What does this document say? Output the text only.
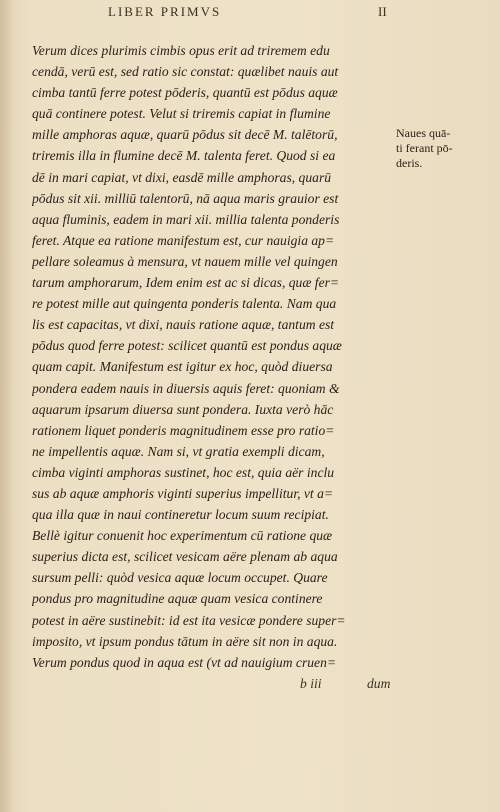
LIBER PRIMVS	II
Verum dices plurimis cimbis opus erit ad triremem edu
cendā, verū est, sed ratio sic constat: quælibet nauis aut
cimba tantū ferre potest pōderis, quantū est pōdus aquæ
quā continere potest. Velut si triremis capiat in flumine
mille amphoras aquæ, quarū pōdus sit decē M. talētorū,
triremis illa in flumine decē M. talenta feret. Quod si ea
dē in mari capiat, vt dixi, easdē mille amphoras, quarū
pōdus sit xii. milliū talentorū, nā aqua maris grauior est
aqua fluminis, eadem in mari xii. millia talenta ponderis
feret. Atque ea ratione manifestum est, cur nauigia ap=
pellare soleamus à mensura, vt nauem mille vel quingen
tarum amphorarum, Idem enim est ac si dicas, quæ fer=
re potest mille aut quingenta ponderis talenta. Nam qua
lis est capacitas, vt dixi, nauis ratione aquæ, tantum est
pōdus quod ferre potest: scilicet quantū est pondus aquæ
quam capit. Manifestum est igitur ex hoc, quòd diuersa
pondera eadem nauis in diuersis aquis feret: quoniam &
aquarum ipsarum diuersa sunt pondera. Iuxta verò hāc
rationem liquet ponderis magnitudinem esse pro ratio=
ne impellentis aquæ. Nam si, vt gratia exempli dicam,
cimba viginti amphoras sustinet, hoc est, quia aër inclu
sus ab aquæ amphoris viginti superius impellitur, vt a=
qua illa quæ in naui contineretur locum suum recipiat.
Bellè igitur conuenit hoc experimentum cū ratione quæ
superius dicta est, scilicet vesicam aëre plenam ab aqua
sursum pelli: quòd vesica aquæ locum occupet. Quare
pondus pro magnitudine aquæ quam vesica continere
potest in aëre sustinebit: id est ita vesicæ pondere super=
imposito, vt ipsum pondus tātum in aëre sit non in aqua.
Verum pondus quod in aqua est (vt ad nauigium cruen=
b iii	dum
Naues quā-
ti ferant pō-
deris.
